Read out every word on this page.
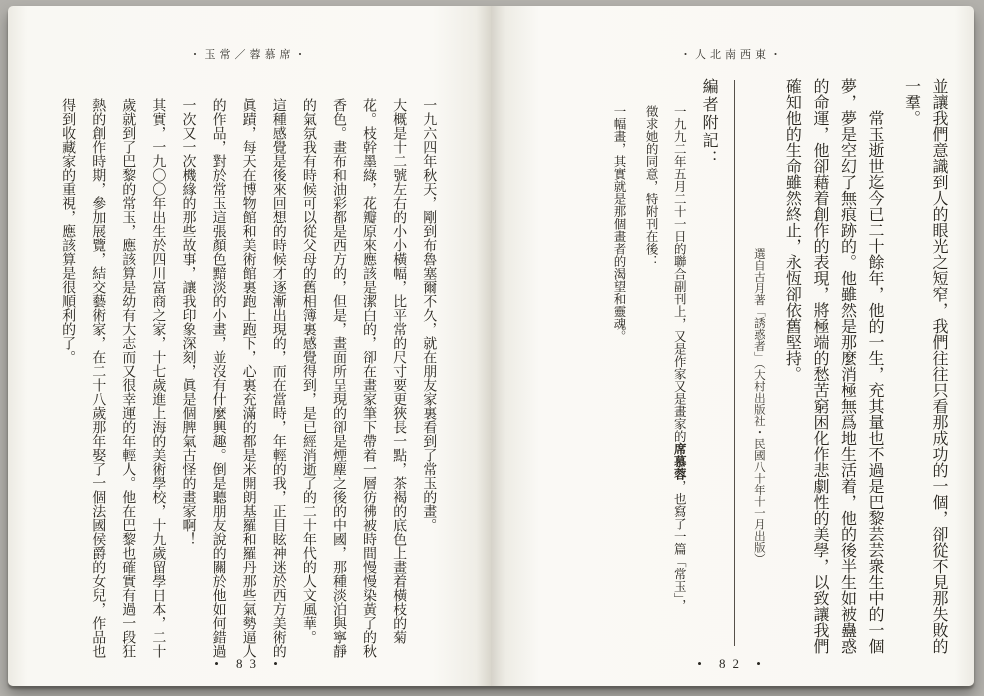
・玉常／蓉慕席・

一九六四年秋天，剛到布魯塞爾不久，就在朋友家裏看到了常玉的畫。

大概是十二號左右的小小橫幅，比平常的尺寸要更狹長一點，茶褐的底色上畫着橫枝的菊花。枝幹墨綠，花瓣原來應該是潔白的，卻在畫家筆下帶着一層彷彿被時間慢慢染黃了的秋香色。畫布和油彩都是西方的，但是，畫面所呈現的卻是煙塵之後的中國，那種淡泊與寧靜的氣氛我有時候可以從父母的舊相簿裏感覺得到，是已經消逝了的二十年代的人文風華。

這種感覺是後來回想的時候才逐漸出現的，而在當時，年輕的我，正目眩神迷於西方美術的眞蹟，每天在博物館和美術館裏跑上跑下，心裏充滿的都是米開朗基羅和羅丹那些氣勢逼人的作品，對於常玉這張顏色黯淡的小畫，並沒有什麼興趣。倒是聽朋友說的關於他如何錯過一次又一次機緣的那些故事，讓我印象深刻，眞是個脾氣古怪的畫家啊！

其實，一九〇〇年出生於四川富商之家，十七歲進上海的美術學校，十九歲留學日本，二十歲就到了巴黎的常玉，應該算是幼有大志而又很幸運的年輕人。他在巴黎也確實有過一段狂熱的創作時期，參加展覽，結交藝術家，在二十八歲那年娶了一個法國侯爵的女兒，作品也得到收藏家的重視，應該算是很順利的了。

• 83 •
・人北南西東・

並讓我們意識到人的眼光之短窄，我們往往只看那成功的一個，卻從不見那失敗的一羣。

常玉逝世迄今已二十餘年，他的一生，充其量也不過是巴黎芸芸衆生中的一個夢，夢是空幻了無痕跡的。他雖然是那麼消極無爲地生活着，他的後半生如被蠱惑的命運，他卻藉着創作的表現，將極端的愁苦窮困化作悲劇性的美學，以致讓我們確知他的生命雖然終止，永恆卻依舊堅持。

選自古月著「誘惑者」（大村出版社・民國八十年十一月出版）

編者附記：

一九九二年五月二十一日的聯合副刊上，又是作家又是畫家的席慕蓉，也寫了一篇「常玉」，徵求她的同意，特附刊在後：

一幅畫，其實就是那個畫者的渴望和靈魂。

• 82 •
